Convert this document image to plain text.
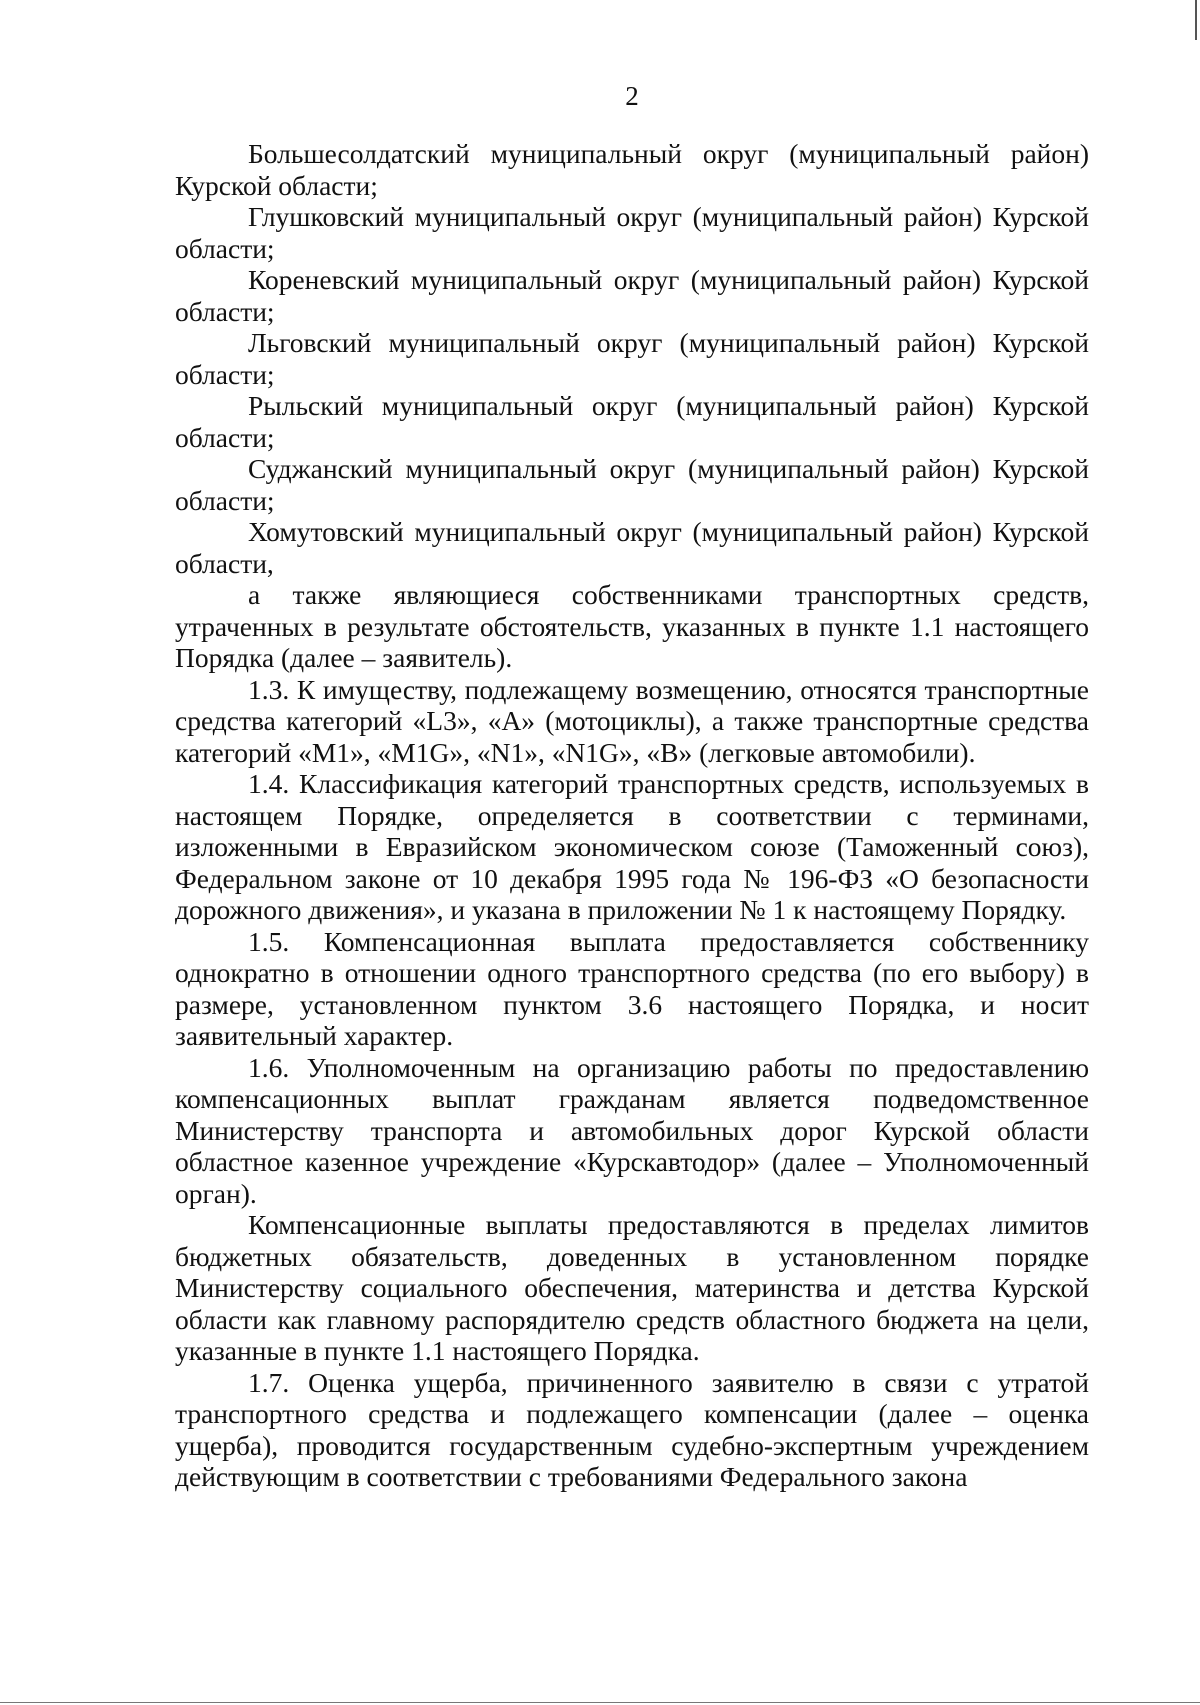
2

Большесолдатский муниципальный округ (муниципальный район) Курской области;

Глушковский муниципальный округ (муниципальный район) Курской области;

Кореневский муниципальный округ (муниципальный район) Курской области;

Льговский муниципальный округ (муниципальный район) Курской области;

Рыльский муниципальный округ (муниципальный район) Курской области;

Суджанский муниципальный округ (муниципальный район) Курской области;

Хомутовский муниципальный округ (муниципальный район) Курской области,

а также являющиеся собственниками транспортных средств, утраченных в результате обстоятельств, указанных в пункте 1.1 настоящего Порядка (далее – заявитель).

1.3. К имуществу, подлежащему возмещению, относятся транспортные средства категорий «L3», «A» (мотоциклы), а также транспортные средства категорий «M1», «M1G», «N1», «N1G», «B» (легковые автомобили).

1.4. Классификация категорий транспортных средств, используемых в настоящем Порядке, определяется в соответствии с терминами, изложенными в Евразийском экономическом союзе (Таможенный союз), Федеральном законе от 10 декабря 1995 года № 196-ФЗ «О безопасности дорожного движения», и указана в приложении № 1 к настоящему Порядку.

1.5. Компенсационная выплата предоставляется собственнику однократно в отношении одного транспортного средства (по его выбору) в размере, установленном пунктом 3.6 настоящего Порядка, и носит заявительный характер.

1.6. Уполномоченным на организацию работы по предоставлению компенсационных выплат гражданам является подведомственное Министерству транспорта и автомобильных дорог Курской области областное казенное учреждение «Курскавтодор» (далее – Уполномоченный орган).

Компенсационные выплаты предоставляются в пределах лимитов бюджетных обязательств, доведенных в установленном порядке Министерству социального обеспечения, материнства и детства Курской области как главному распорядителю средств областного бюджета на цели, указанные в пункте 1.1 настоящего Порядка.

1.7. Оценка ущерба, причиненного заявителю в связи с утратой транспортного средства и подлежащего компенсации (далее – оценка ущерба), проводится государственным судебно-экспертным учреждением действующим в соответствии с требованиями Федерального закона
